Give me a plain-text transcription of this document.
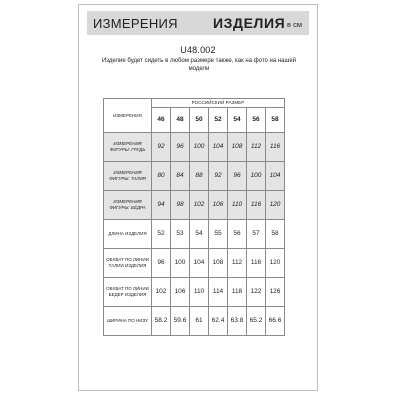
ИЗМЕРЕНИЯ	ИЗДЕЛИЯ в см
U48.002
Изделие будет сидеть в любом размере также, как на фото на нашей модели
ИЗМЕРЕНИЯ	РОССИЙСКИЙ РАЗМЕР						
	46	48	50	52	54	56	58
ИЗМЕРЕНИЯ ФИГУРЫ: ГРУДЬ	92	96	100	104	108	112	116
ИЗМЕРЕНИЯ ФИГУРЫ: ТАЛИЯ	80	84	88	92	96	100	104
ИЗМЕРЕНИЯ ФИГУРЫ: БЁДРА	94	98	102	106	110	116	120
ДЛИНА ИЗДЕЛИЯ	52	53	54	55	56	57	58
ОБХВАТ ПО ЛИНИИ ТАЛИИ ИЗДЕЛИЯ	96	100	104	108	112	116	120
ОБХВАТ ПО ЛИНИИ БЕДЕР ИЗДЕЛИЯ	102	106	110	114	118	122	126
ШИРИНА ПО НИЗУ	58.2	59.6	61	62.4	63.8	65.2	66.6
